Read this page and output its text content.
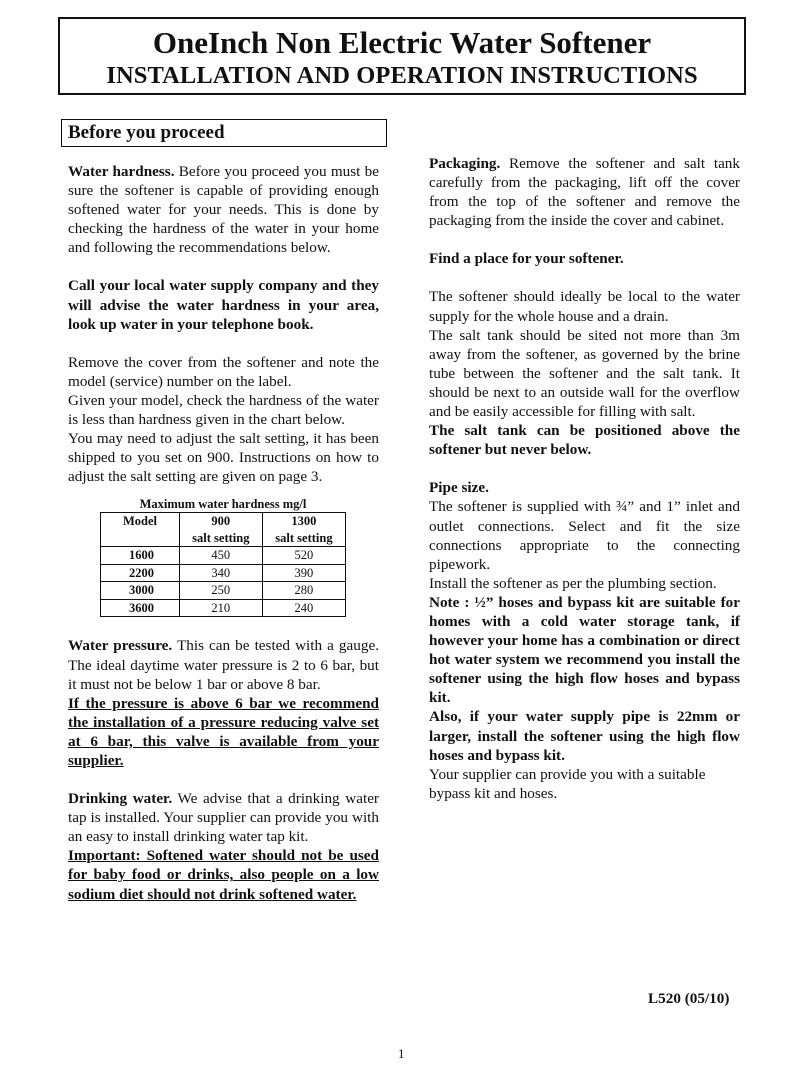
OneInch Non Electric Water Softener
INSTALLATION AND OPERATION INSTRUCTIONS
Before you proceed

Water hardness. Before you proceed you must be sure the softener is capable of providing enough softened water for your needs. This is done by checking the hardness of the water in your home and following the recommendations below.

Call your local water supply company and they will advise the water hardness in your area, look up water in your telephone book.

Remove the cover from the softener and note the model (service) number on the label.

Given your model, check the hardness of the water is less than hardness given in the chart below.

You may need to adjust the salt setting, it has been shipped to you set on 900. Instructions on how to adjust the salt setting are given on page 3.

Maximum water hardness mg/l
Model	900	1300
	salt setting	salt setting
1600	450	520
2200	340	390
3000	250	280
3600	210	240

Water pressure. This can be tested with a gauge. The ideal daytime water pressure is 2 to 6 bar, but it must not be below 1 bar or above 8 bar.

If the pressure is above 6 bar we recommend the installation of a pressure reducing valve set at 6 bar, this valve is available from your supplier.

Drinking water. We advise that a drinking water tap is installed. Your supplier can provide you with an easy to install drinking water tap kit.

Important: Softened water should not be used for baby food or drinks, also people on a low sodium diet should not drink softened water.

Packaging. Remove the softener and salt tank carefully from the packaging, lift off the cover from the top of the softener and remove the packaging from the inside the cover and cabinet.

Find a place for your softener.

The softener should ideally be local to the water supply for the whole house and a drain.

The salt tank should be sited not more than 3m away from the softener, as governed by the brine tube between the softener and the salt tank. It should be next to an outside wall for the overflow and be easily accessible for filling with salt.

The salt tank can be positioned above the softener but never below.

Pipe size.

The softener is supplied with ¾” and 1” inlet and outlet connections. Select and fit the size connections appropriate to the connecting pipework.

Install the softener as per the plumbing section.

Note : ½” hoses and bypass kit are suitable for homes with a cold water storage tank, if however your home has a combination or direct hot water system we recommend you install the softener using the high flow hoses and bypass kit.

Also, if your water supply pipe is 22mm or larger, install the softener using the high flow hoses and bypass kit.

Your supplier can provide you with a suitable bypass kit and hoses.

L520 (05/10)
1
